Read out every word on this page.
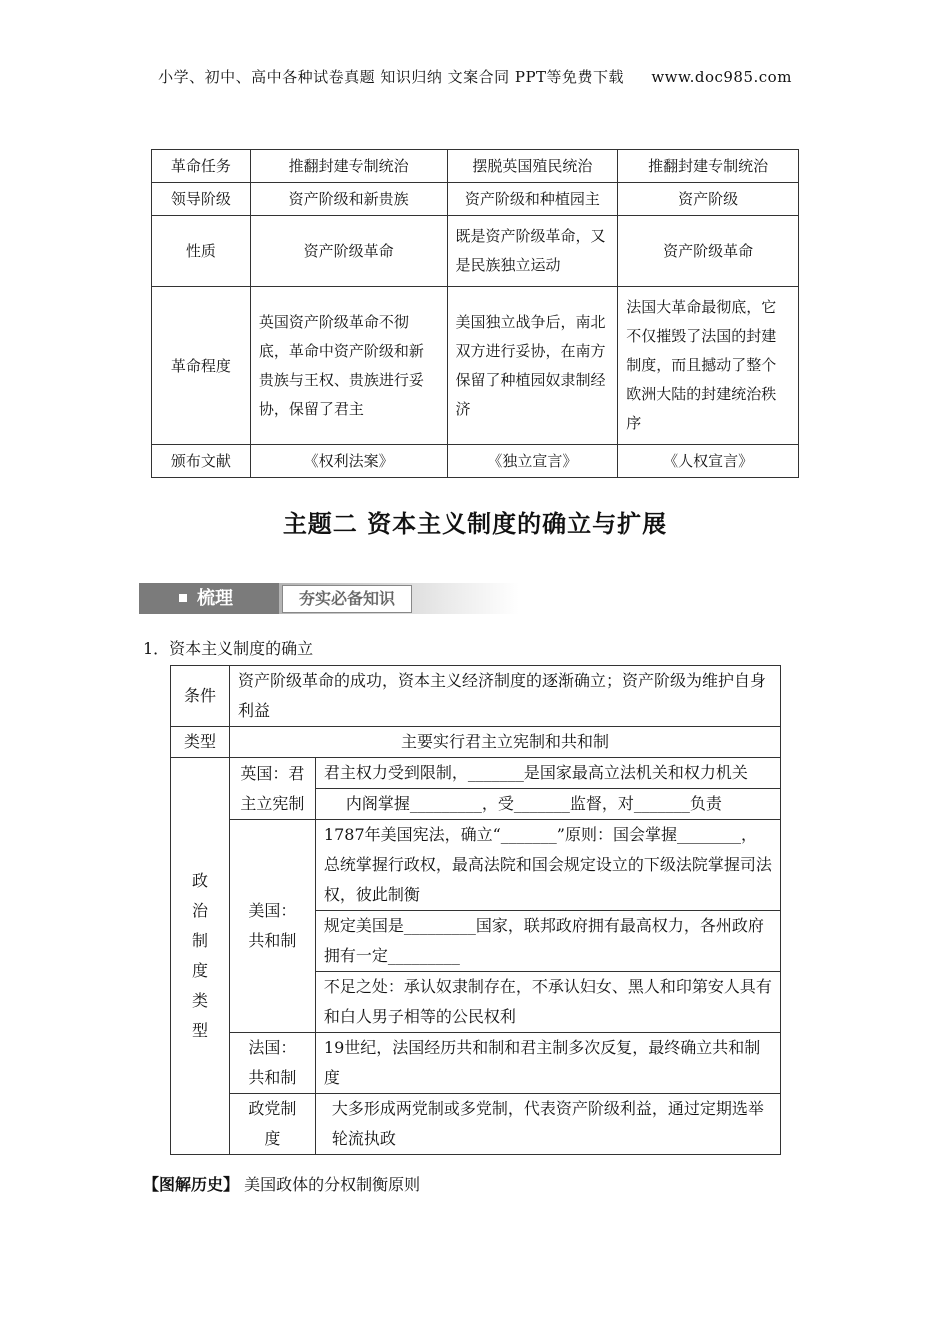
小学、初中、高中各种试卷真题 知识归纳 文案合同 PPT等免费下载 www.doc985.com
革命任务	推翻封建专制统治	摆脱英国殖民统治	推翻封建专制统治
领导阶级	资产阶级和新贵族	资产阶级和种植园主	资产阶级
性质	资产阶级革命	既是资产阶级革命，又是民族独立运动	资产阶级革命
革命程度	英国资产阶级革命不彻底，革命中资产阶级和新贵族与王权、贵族进行妥协，保留了君主	美国独立战争后，南北双方进行妥协，在南方保留了种植园奴隶制经济	法国大革命最彻底，它不仅摧毁了法国的封建制度，而且撼动了整个欧洲大陆的封建统治秩序
颁布文献	《权利法案》	《独立宣言》	《人权宣言》
主题二 资本主义制度的确立与扩展
梳理	夯实必备知识
1．资本主义制度的确立
条件	资产阶级革命的成功，资本主义经济制度的逐渐确立；资产阶级为维护自身利益	
类型	主要实行君主立宪制和共和制	
政治制度类型	英国：君主立宪制	君主权力受到限制，_______是国家最高立法机关和权力机关
		内阁掌握_________，受_______监督，对_______负责
	美国：共和制	1787年美国宪法，确立“_______”原则：国会掌握________，总统掌握行政权，最高法院和国会规定设立的下级法院掌握司法权，彼此制衡
		规定美国是_________国家，联邦政府拥有最高权力，各州政府拥有一定_________
		不足之处：承认奴隶制存在，不承认妇女、黑人和印第安人具有和白人男子相等的公民权利
	法国：共和制	19世纪，法国经历共和制和君主制多次反复，最终确立共和制度
	政党制度	大多形成两党制或多党制，代表资产阶级利益，通过定期选举轮流执政
【图解历史】 美国政体的分权制衡原则
